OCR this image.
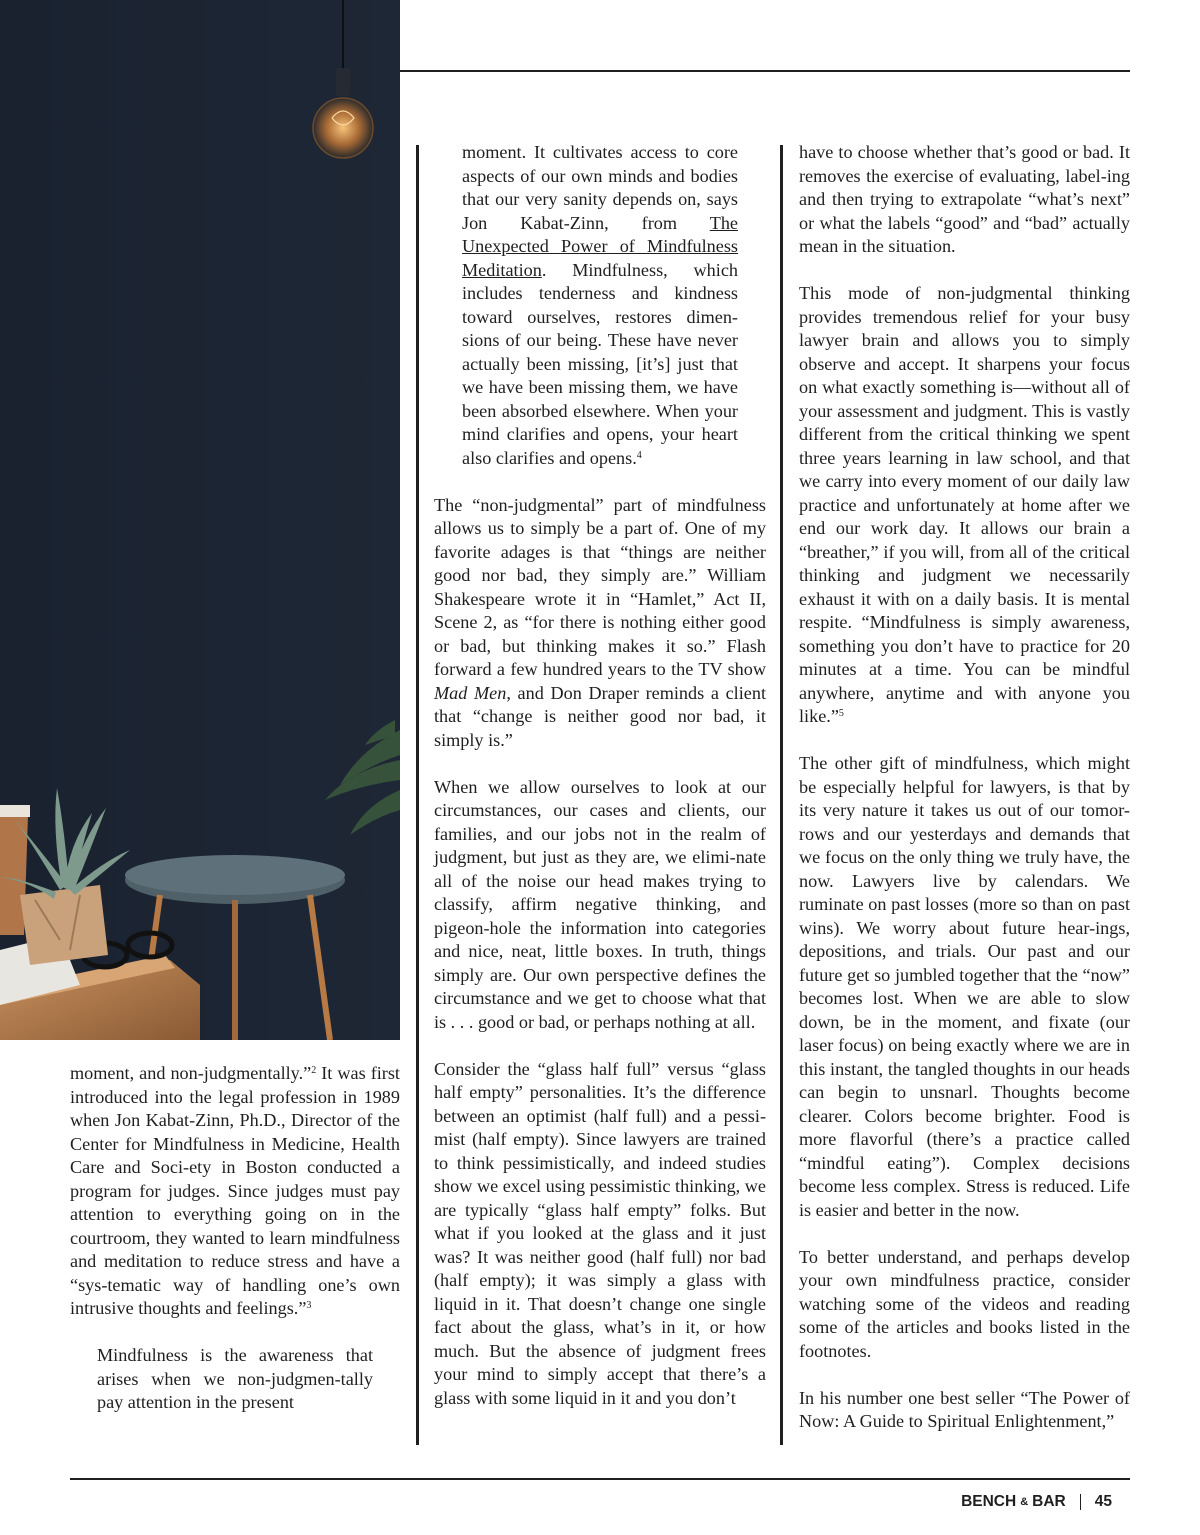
moment, and non-judgmentally.”$^2$ It was first introduced into the legal profession in 1989 when Jon Kabat-Zinn, Ph.D., Director of the Center for Mindfulness in Medicine, Health Care and Soci-ety in Boston conducted a program for judges. Since judges must pay attention to everything going on in the courtroom, they wanted to learn mindfulness and meditation to reduce stress and have a “sys-tematic way of handling one’s own intrusive thoughts and feelings.”$^3$

Mindfulness is the awareness that arises when we non-judgmen-tally pay attention in the present

moment. It cultivates access to core aspects of our own minds and bodies that our very sanity depends on, says Jon Kabat-Zinn, from The Unexpected Power of Mindfulness Meditation. Mindfulness, which includes tenderness and kindness toward ourselves, restores dimen-sions of our being. These have never actually been missing, [it’s] just that we have been missing them, we have been absorbed elsewhere. When your mind clarifies and opens, your heart also clarifies and opens.$^4$

The “non-judgmental” part of mindfulness allows us to simply be a part of. One of my favorite adages is that “things are neither good nor bad, they simply are.” William Shakespeare wrote it in “Hamlet,” Act II, Scene 2, as “for there is nothing either good or bad, but thinking makes it so.” Flash forward a few hundred years to the TV show Mad Men, and Don Draper reminds a client that “change is neither good nor bad, it simply is.”

When we allow ourselves to look at our circumstances, our cases and clients, our families, and our jobs not in the realm of judgment, but just as they are, we elimi-nate all of the noise our head makes trying to classify, affirm negative thinking, and pigeon-hole the information into categories and nice, neat, little boxes. In truth, things simply are. Our own perspective defines the circumstance and we get to choose what that is . . . good or bad, or perhaps nothing at all.

Consider the “glass half full” versus “glass half empty” personalities. It’s the difference between an optimist (half full) and a pessi-mist (half empty). Since lawyers are trained to think pessimistically, and indeed studies show we excel using pessimistic thinking, we are typically “glass half empty” folks. But what if you looked at the glass and it just was? It was neither good (half full) nor bad (half empty); it was simply a glass with liquid in it. That doesn’t change one single fact about the glass, what’s in it, or how much. But the absence of judgment frees your mind to simply accept that there’s a glass with some liquid in it and you don’t

have to choose whether that’s good or bad. It removes the exercise of evaluating, label-ing and then trying to extrapolate “what’s next” or what the labels “good” and “bad” actually mean in the situation.

This mode of non-judgmental thinking provides tremendous relief for your busy lawyer brain and allows you to simply observe and accept. It sharpens your focus on what exactly something is—without all of your assessment and judgment. This is vastly different from the critical thinking we spent three years learning in law school, and that we carry into every moment of our daily law practice and unfortunately at home after we end our work day. It allows our brain a “breather,” if you will, from all of the critical thinking and judgment we necessarily exhaust it with on a daily basis. It is mental respite. “Mindfulness is simply awareness, something you don’t have to practice for 20 minutes at a time. You can be mindful anywhere, anytime and with anyone you like.”$^5$

The other gift of mindfulness, which might be especially helpful for lawyers, is that by its very nature it takes us out of our tomor-rows and our yesterdays and demands that we focus on the only thing we truly have, the now. Lawyers live by calendars. We ruminate on past losses (more so than on past wins). We worry about future hear-ings, depositions, and trials. Our past and our future get so jumbled together that the “now” becomes lost. When we are able to slow down, be in the moment, and fixate (our laser focus) on being exactly where we are in this instant, the tangled thoughts in our heads can begin to unsnarl. Thoughts become clearer. Colors become brighter. Food is more flavorful (there’s a practice called “mindful eating”). Complex decisions become less complex. Stress is reduced. Life is easier and better in the now.

To better understand, and perhaps develop your own mindfulness practice, consider watching some of the videos and reading some of the articles and books listed in the footnotes.

In his number one best seller “The Power of Now: A Guide to Spiritual Enlightenment,”

BENCH & BAR 45
